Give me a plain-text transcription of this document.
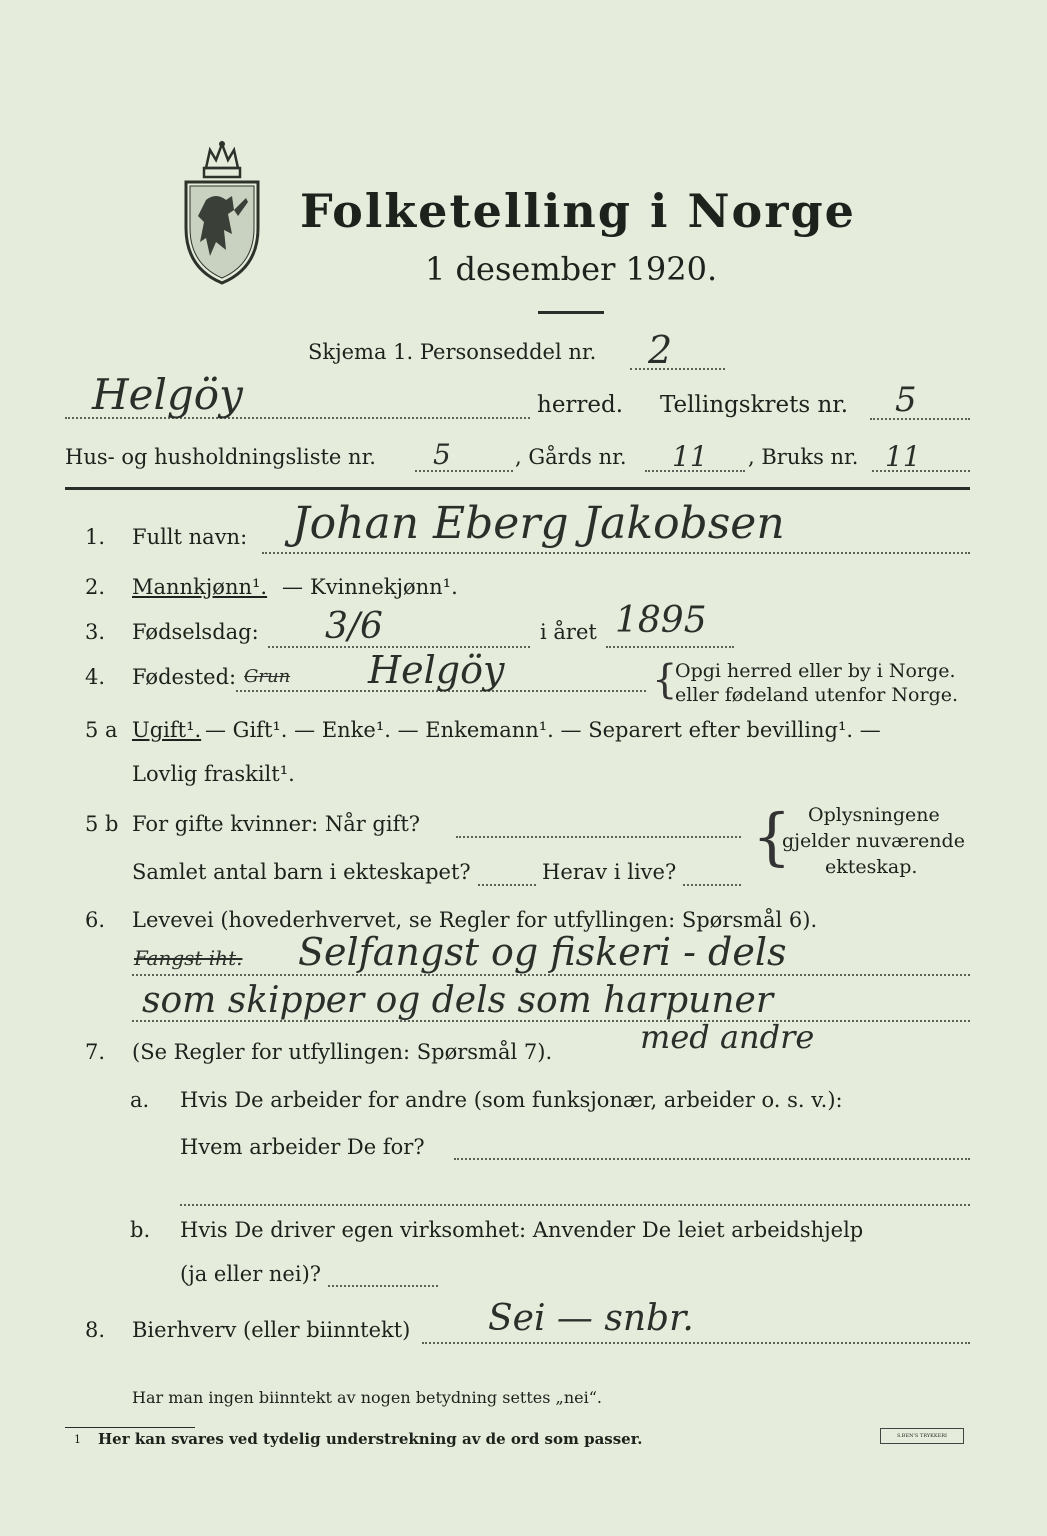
Folketelling i Norge
1 desember 1920.
Skjema 1. Personseddel nr. 2
Helgöy	herred. Tellingskrets nr. 5
Hus- og husholdningsliste nr. 5	, Gårds nr. 11 , Bruks nr. 11
1. Fullt navn: Johan Eberg Jakobsen
2. Mannkjønn¹. — Kvinnekjønn¹.
3. Fødselsdag: 3/6	i året 1895
4. Fødested: Grun Helgöy	{
Opgi herred eller by i Norge.
eller fødeland utenfor Norge.
5 a Ugift¹. — Gift¹. — Enke¹. — Enkemann¹. — Separert efter bevilling¹. —
Lovlig fraskilt¹.
5 b For gifte kvinner: Når gift?
Samlet antal barn i ekteskapet?	Herav i live? { Oplysningene
gjelder nuværende
ekteskap.
6. Levevei (hovederhvervet, se Regler for utfyllingen: Spørsmål 6).
Fangst iht. Selfangst og fiskeri - dels
som skipper og dels som harpuner
med andre
7. (Se Regler for utfyllingen: Spørsmål 7).
a. Hvis De arbeider for andre (som funksjonær, arbeider o. s. v.):
Hvem arbeider De for?
b. Hvis De driver egen virksomhet: Anvender De leiet arbeidshjelp
(ja eller nei)?
8. Bierhverv (eller biinntekt) Sei — snbr.
Har man ingen biinntekt av nogen betydning settes „nei“.
1 Her kan svares ved tydelig understrekning av de ord som passer.	S.BEN'S TRYKKERI
